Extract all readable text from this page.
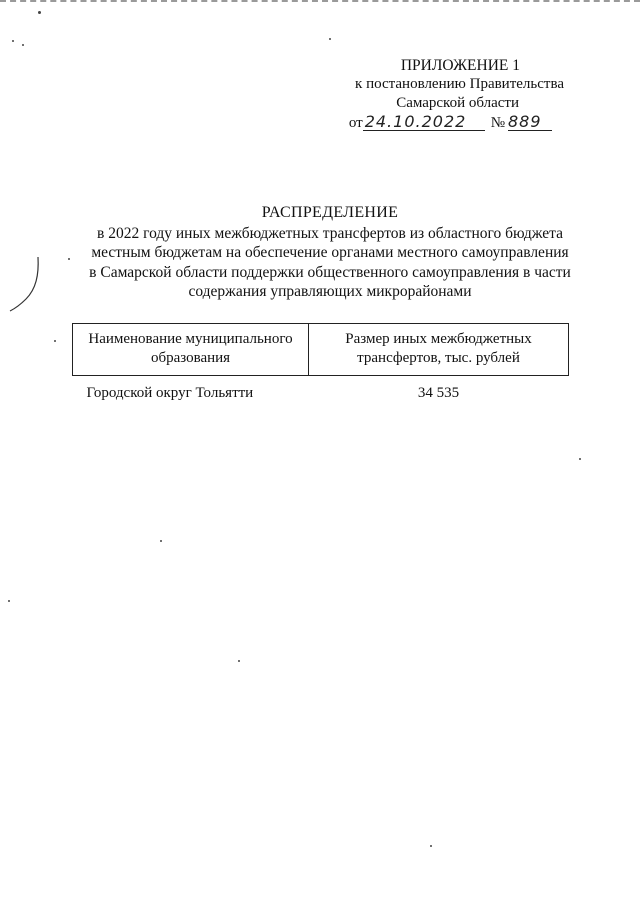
ПРИЛОЖЕНИЕ 1
к постановлению Правительства
Самарской области
от 24.10.2022	№ 889
РАСПРЕДЕЛЕНИЕ
в 2022 году иных межбюджетных трансфертов из областного бюджета
местным бюджетам на обеспечение органами местного самоуправления
в Самарской области поддержки общественного самоуправления в части
содержания управляющих микрорайонами
Наименование муниципального образования	Размер иных межбюджетных трансфертов, тыс. рублей
Городской округ Тольятти	34 535
